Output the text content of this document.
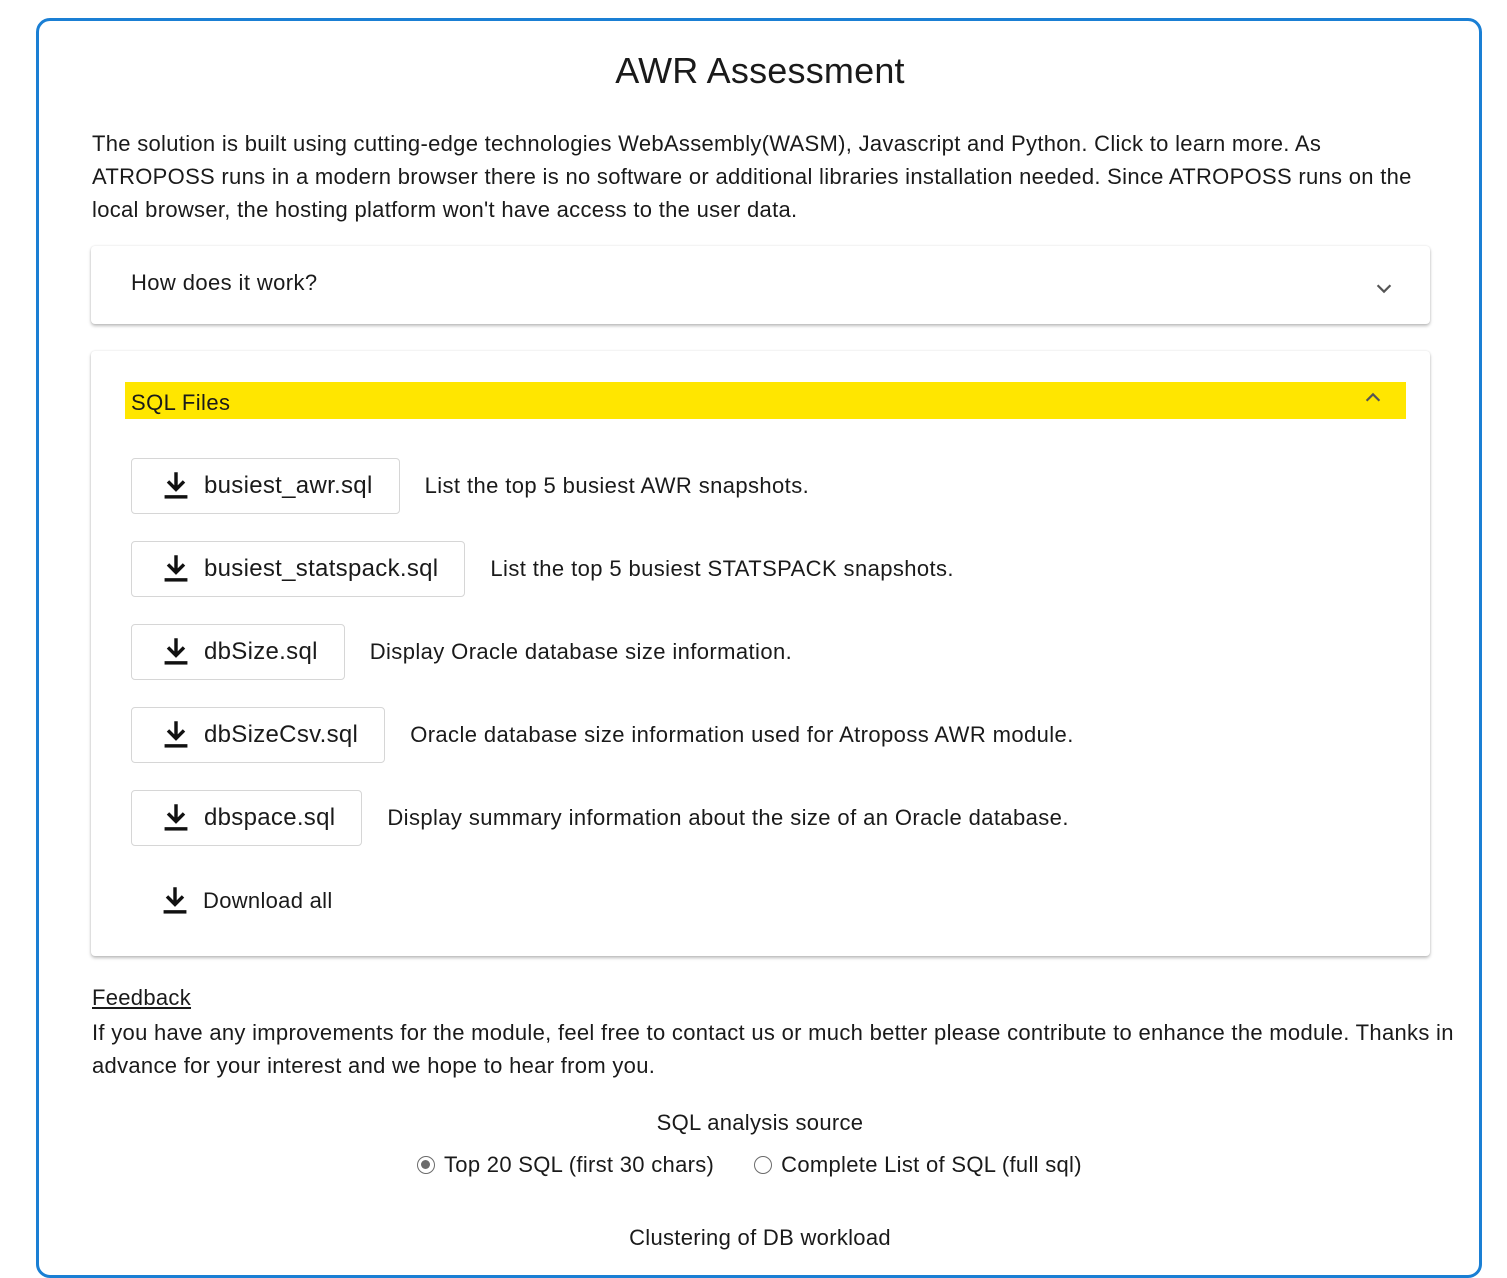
AWR Assessment

The solution is built using cutting-edge technologies WebAssembly(WASM), Javascript and Python. Click to learn more. As ATROPOSS runs in a modern browser there is no software or additional libraries installation needed. Since ATROPOSS runs on the local browser, the hosting platform won't have access to the user data.

How does it work?
SQL Files
busiest_awr.sql List the top 5 busiest AWR snapshots.
busiest_statspack.sql List the top 5 busiest STATSPACK snapshots.
dbSize.sql Display Oracle database size information.
dbSizeCsv.sql Oracle database size information used for Atroposs AWR module.
dbspace.sql Display summary information about the size of an Oracle database.
Download all
Feedback

If you have any improvements for the module, feel free to contact us or much better please contribute to enhance the module. Thanks in advance for your interest and we hope to hear from you.

SQL analysis source
Top 20 SQL (first 30 chars)	Complete List of SQL (full sql)
Clustering of DB workload
